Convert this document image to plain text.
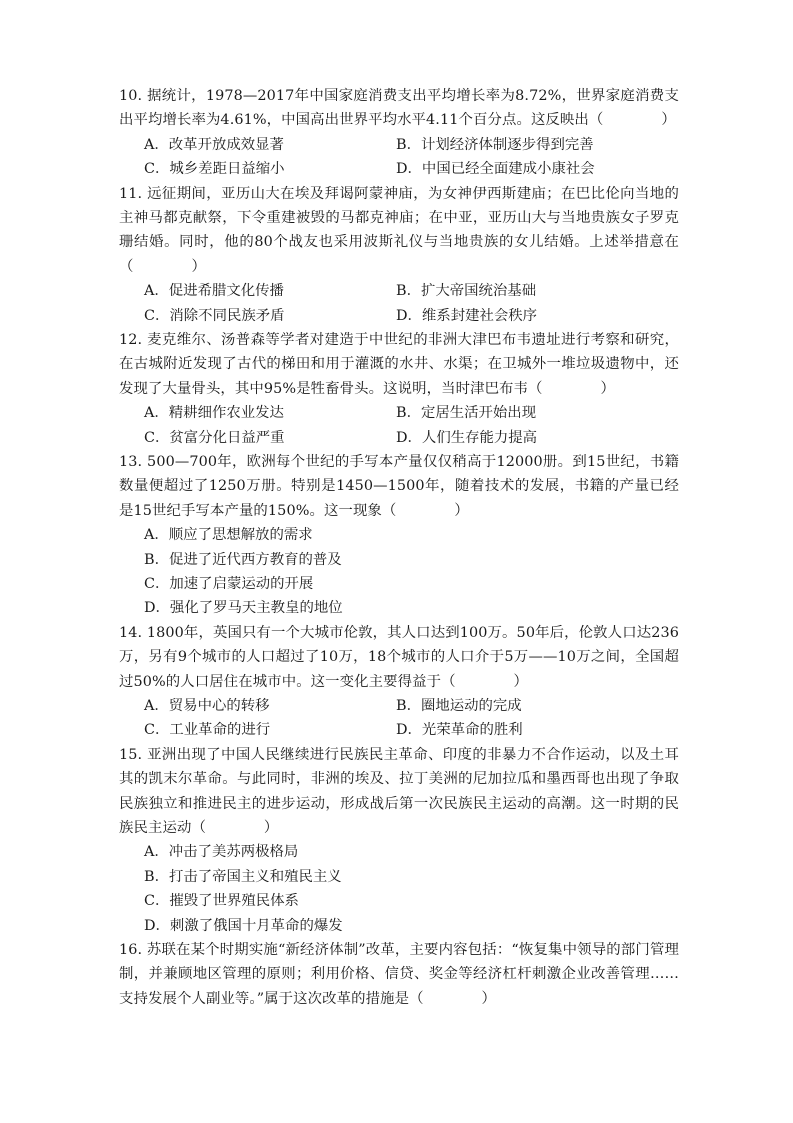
10. 据统计，1978—2017年中国家庭消费支出平均增长率为8.72%，世界家庭消费支出平均增长率为4.61%，中国高出世界平均水平4.11个百分点。这反映出（　　　　）

A．改革开放成效显著	B．计划经济体制逐步得到完善
C．城乡差距日益缩小	D．中国已经全面建成小康社会

11. 远征期间，亚历山大在埃及拜谒阿蒙神庙，为女神伊西斯建庙；在巴比伦向当地的主神马都克献祭，下令重建被毁的马都克神庙；在中亚，亚历山大与当地贵族女子罗克珊结婚。同时，他的80个战友也采用波斯礼仪与当地贵族的女儿结婚。上述举措意在（　　　　）

A．促进希腊文化传播	B．扩大帝国统治基础
C．消除不同民族矛盾	D．维系封建社会秩序

12. 麦克维尔、汤普森等学者对建造于中世纪的非洲大津巴布韦遗址进行考察和研究，在古城附近发现了古代的梯田和用于灌溉的水井、水渠；在卫城外一堆垃圾遗物中，还发现了大量骨头，其中95%是牲畜骨头。这说明，当时津巴布韦（　　　　）

A．精耕细作农业发达	B．定居生活开始出现
C．贫富分化日益严重	D．人们生存能力提高

13. 500—700年，欧洲每个世纪的手写本产量仅仅稍高于12000册。到15世纪，书籍数量便超过了1250万册。特别是1450—1500年，随着技术的发展，书籍的产量已经是15世纪手写本产量的150%。这一现象（　　　　）

A．顺应了思想解放的需求
B．促进了近代西方教育的普及
C．加速了启蒙运动的开展
D．强化了罗马天主教皇的地位

14. 1800年，英国只有一个大城市伦敦，其人口达到100万。50年后，伦敦人口达236万，另有9个城市的人口超过了10万，18个城市的人口介于5万——10万之间，全国超过50%的人口居住在城市中。这一变化主要得益于（　　　　）

A．贸易中心的转移	B．圈地运动的完成
C．工业革命的进行	D．光荣革命的胜利

15. 亚洲出现了中国人民继续进行民族民主革命、印度的非暴力不合作运动，以及土耳其的凯末尔革命。与此同时，非洲的埃及、拉丁美洲的尼加拉瓜和墨西哥也出现了争取民族独立和推进民主的进步运动，形成战后第一次民族民主运动的高潮。这一时期的民族民主运动（　　　　）

A．冲击了美苏两极格局
B．打击了帝国主义和殖民主义
C．摧毁了世界殖民体系
D．刺激了俄国十月革命的爆发

16. 苏联在某个时期实施“新经济体制”改革，主要内容包括：“恢复集中领导的部门管理制，并兼顾地区管理的原则；利用价格、信贷、奖金等经济杠杆刺激企业改善管理……支持发展个人副业等。”属于这次改革的措施是（　　　　）
